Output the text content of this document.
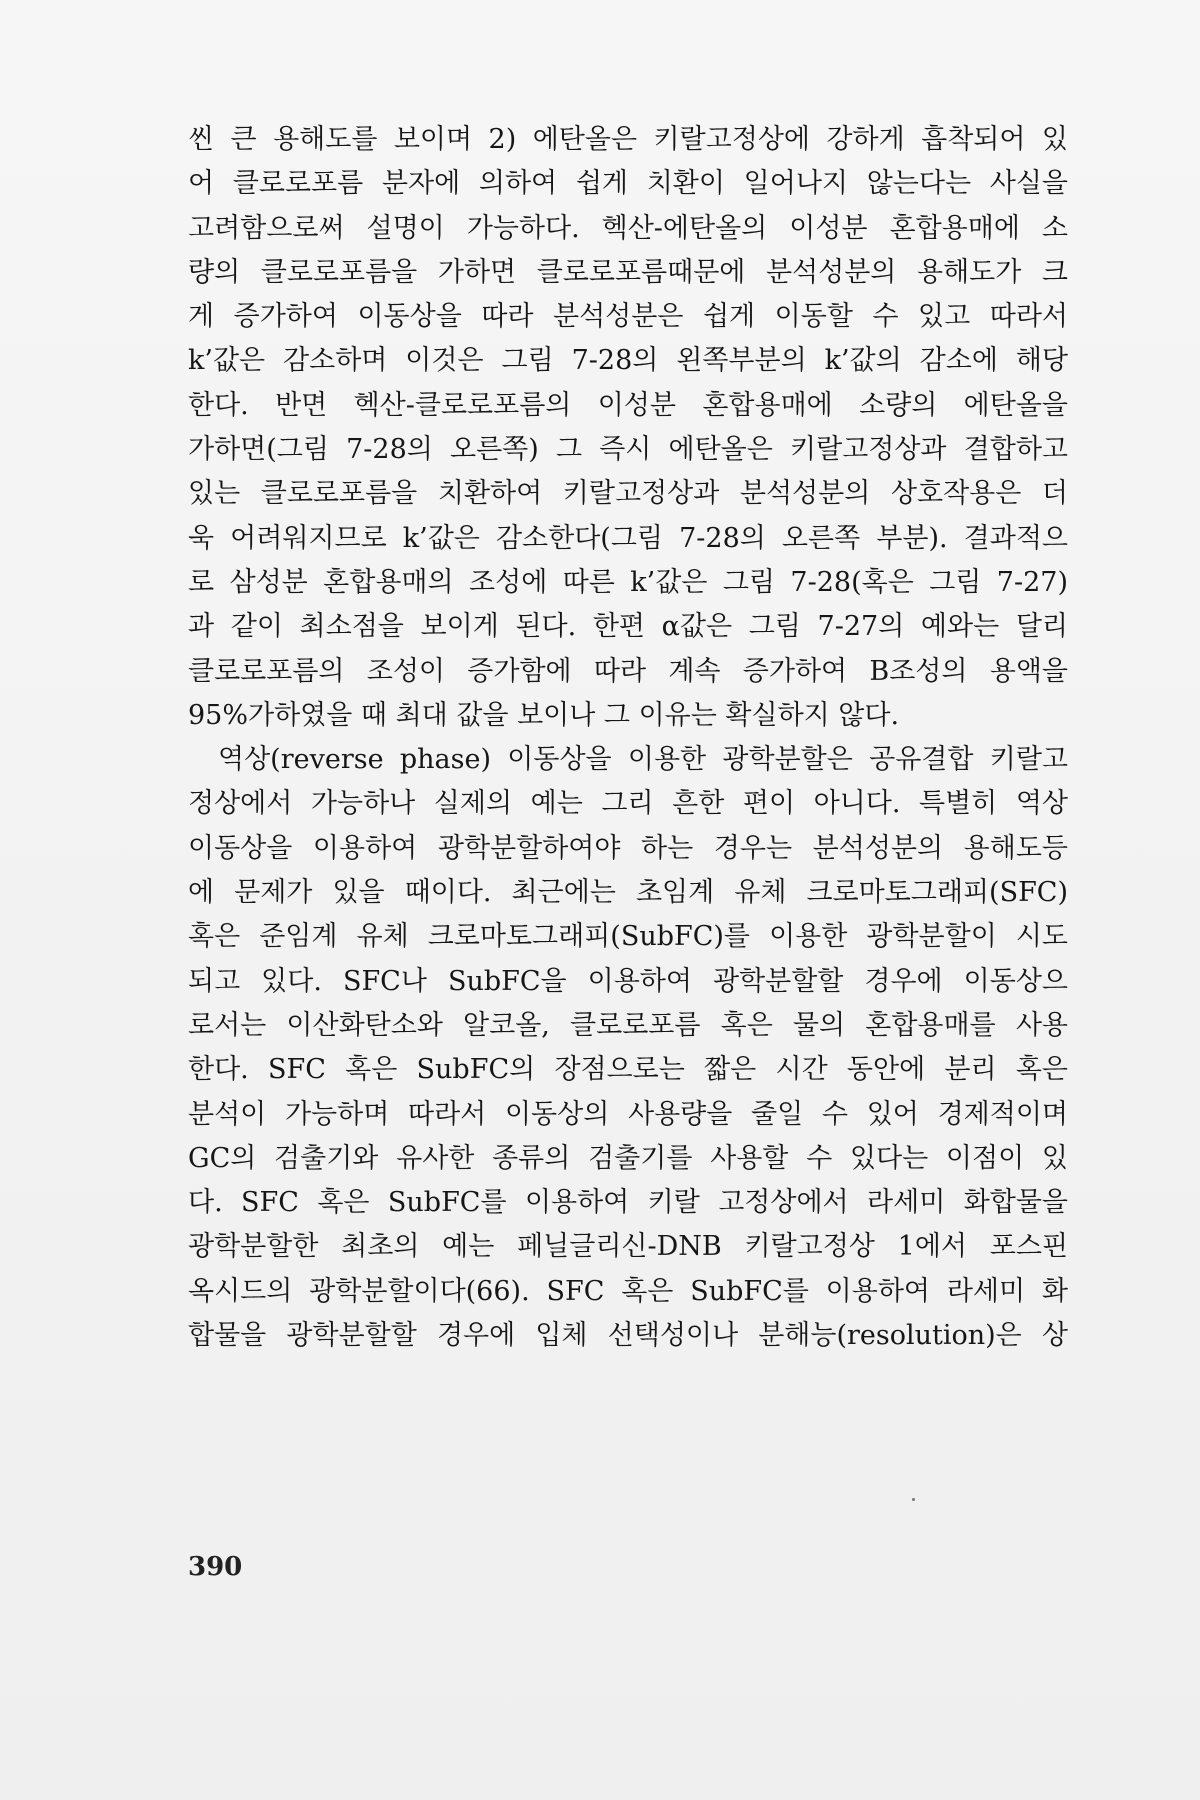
씬 큰 용해도를 보이며 2) 에탄올은 키랄고정상에 강하게 흡착되어 있
어 클로로포름 분자에 의하여 쉽게 치환이 일어나지 않는다는 사실을
고려함으로써 설명이 가능하다. 헥산-에탄올의 이성분 혼합용매에 소
량의 클로로포름을 가하면 클로로포름때문에 분석성분의 용해도가 크
게 증가하여 이동상을 따라 분석성분은 쉽게 이동할 수 있고 따라서
k’값은 감소하며 이것은 그림 7-28의 왼쪽부분의 k’값의 감소에 해당
한다. 반면 헥산-클로로포름의 이성분 혼합용매에 소량의 에탄올을
가하면(그림 7-28의 오른쪽) 그 즉시 에탄올은 키랄고정상과 결합하고
있는 클로로포름을 치환하여 키랄고정상과 분석성분의 상호작용은 더
욱 어려워지므로 k’값은 감소한다(그림 7-28의 오른쪽 부분). 결과적으
로 삼성분 혼합용매의 조성에 따른 k’값은 그림 7-28(혹은 그림 7-27)
과 같이 최소점을 보이게 된다. 한편 α값은 그림 7-27의 예와는 달리
클로로포름의 조성이 증가함에 따라 계속 증가하여 B조성의 용액을
95%가하였을 때 최대 값을 보이나 그 이유는 확실하지 않다.
역상(reverse phase) 이동상을 이용한 광학분할은 공유결합 키랄고
정상에서 가능하나 실제의 예는 그리 흔한 편이 아니다. 특별히 역상
이동상을 이용하여 광학분할하여야 하는 경우는 분석성분의 용해도등
에 문제가 있을 때이다. 최근에는 초임계 유체 크로마토그래피(SFC)
혹은 준임계 유체 크로마토그래피(SubFC)를 이용한 광학분할이 시도
되고 있다. SFC나 SubFC을 이용하여 광학분할할 경우에 이동상으
로서는 이산화탄소와 알코올, 클로로포름 혹은 물의 혼합용매를 사용
한다. SFC 혹은 SubFC의 장점으로는 짧은 시간 동안에 분리 혹은
분석이 가능하며 따라서 이동상의 사용량을 줄일 수 있어 경제적이며
GC의 검출기와 유사한 종류의 검출기를 사용할 수 있다는 이점이 있
다. SFC 혹은 SubFC를 이용하여 키랄 고정상에서 라세미 화합물을
광학분할한 최초의 예는 페닐글리신-DNB 키랄고정상 1에서 포스핀
옥시드의 광학분할이다(66). SFC 혹은 SubFC를 이용하여 라세미 화
합물을 광학분할할 경우에 입체 선택성이나 분해능(resolution)은 상
390
